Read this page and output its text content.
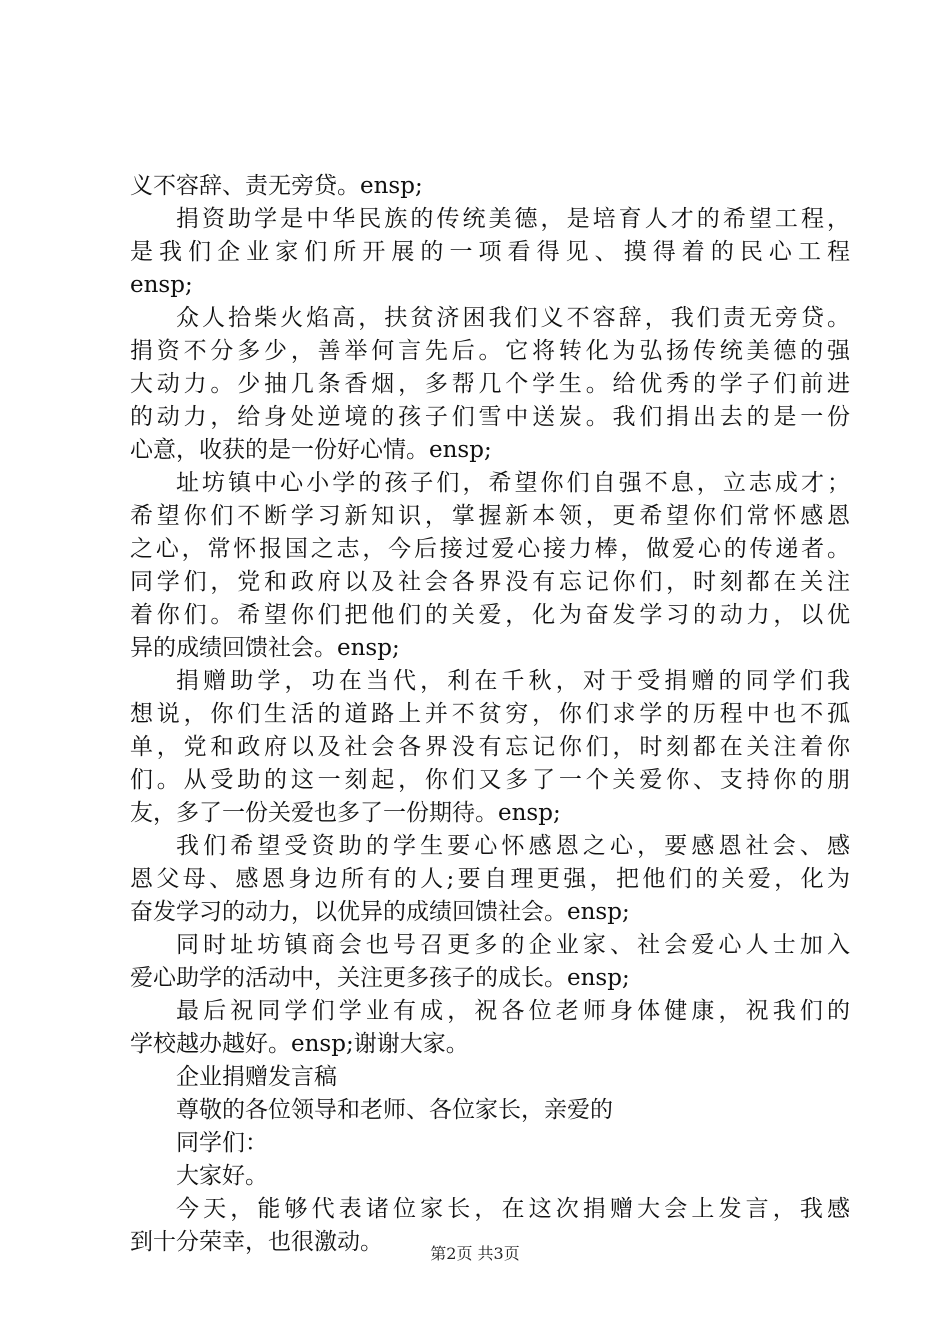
义不容辞、责无旁贷。ensp;
捐资助学是中华民族的传统美德，是培育人才的希望工程，
是我们企业家们所开展的一项看得见、摸得着的民心工程
ensp;
众人拾柴火焰高，扶贫济困我们义不容辞，我们责无旁贷。
捐资不分多少，善举何言先后。它将转化为弘扬传统美德的强
大动力。少抽几条香烟，多帮几个学生。给优秀的学子们前进
的动力，给身处逆境的孩子们雪中送炭。我们捐出去的是一份
心意，收获的是一份好心情。ensp;
址坊镇中心小学的孩子们，希望你们自强不息，立志成才；
希望你们不断学习新知识，掌握新本领，更希望你们常怀感恩
之心，常怀报国之志，今后接过爱心接力棒，做爱心的传递者。
同学们，党和政府以及社会各界没有忘记你们，时刻都在关注
着你们。希望你们把他们的关爱，化为奋发学习的动力，以优
异的成绩回馈社会。ensp;
捐赠助学，功在当代，利在千秋，对于受捐赠的同学们我
想说，你们生活的道路上并不贫穷，你们求学的历程中也不孤
单，党和政府以及社会各界没有忘记你们，时刻都在关注着你
们。从受助的这一刻起，你们又多了一个关爱你、支持你的朋
友，多了一份关爱也多了一份期待。ensp;
我们希望受资助的学生要心怀感恩之心，要感恩社会、感
恩父母、感恩身边所有的人;要自理更强，把他们的关爱，化为
奋发学习的动力，以优异的成绩回馈社会。ensp;
同时址坊镇商会也号召更多的企业家、社会爱心人士加入
爱心助学的活动中，关注更多孩子的成长。ensp;
最后祝同学们学业有成，祝各位老师身体健康，祝我们的
学校越办越好。ensp;谢谢大家。
企业捐赠发言稿
尊敬的各位领导和老师、各位家长，亲爱的
同学们：
大家好。
今天，能够代表诸位家长，在这次捐赠大会上发言，我感
到十分荣幸，也很激动。	第2页 共3页
